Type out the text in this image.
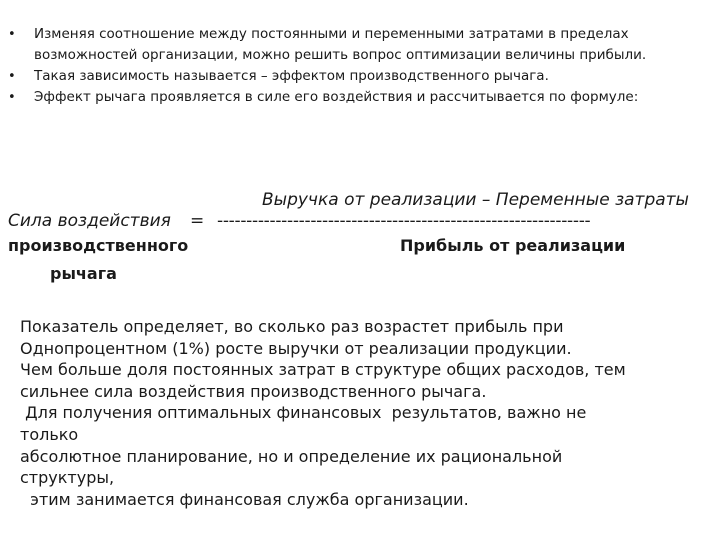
• Изменяя соотношение между постоянными и переменными затратами в пределах возможностей организации, можно решить вопрос оптимизации величины прибыли.
• Такая зависимость называется – эффектом производственного рычага.
• Эффект рычага проявляется в силе его воздействия и рассчитывается по формуле:
Выручка от реализации – Переменные затраты
Сила воздействия = ----------------------------------------------------------------
производственного	Прибыль от реализации
рычага
Показатель определяет, во сколько раз возрастет прибыль при
Однопроцентном (1%) росте выручки от реализации продукции.
Чем больше доля постоянных затрат в структуре общих расходов, тем
сильнее сила воздействия производственного рычага.
Для получения оптимальных финансовых  результатов, важно не
только
абсолютное планирование, но и определение их рациональной
структуры,
этим занимается финансовая служба организации.
